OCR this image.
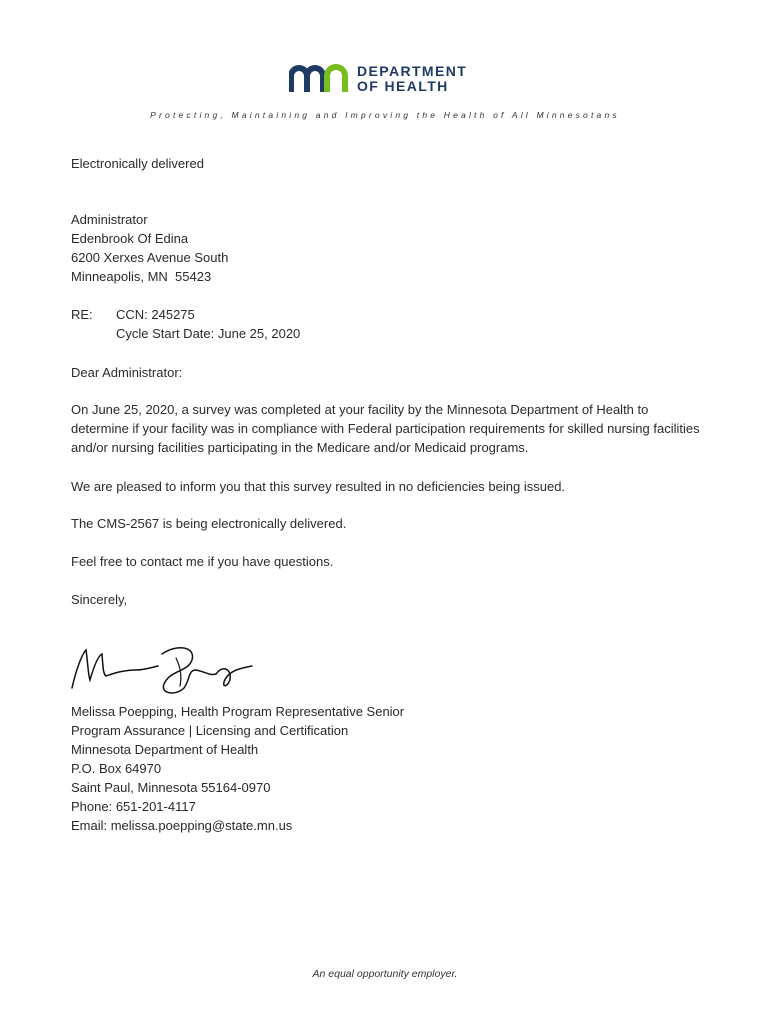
DEPARTMENT
OF HEALTH
Protecting, Maintaining and Improving the Health of All Minnesotans
Electronically delivered

Administrator

Edenbrook Of Edina

6200 Xerxes Avenue South

Minneapolis, MN  55423

RE: CCN: 245275

Cycle Start Date: June 25, 2020

Dear Administrator:
On June 25, 2020, a survey was completed at your facility by the Minnesota Department of Health to determine if your facility was in compliance with Federal participation requirements for skilled nursing facilities and/or nursing facilities participating in the Medicare and/or Medicaid programs.
We are pleased to inform you that this survey resulted in no deficiencies being issued.
The CMS-2567 is being electronically delivered.
Feel free to contact me if you have questions.
Sincerely,

Melissa Poepping, Health Program Representative Senior

Program Assurance | Licensing and Certification

Minnesota Department of Health

P.O. Box 64970

Saint Paul, Minnesota 55164-0970

Phone: 651-201-4117

Email: melissa.poepping@state.mn.us

An equal opportunity employer.
